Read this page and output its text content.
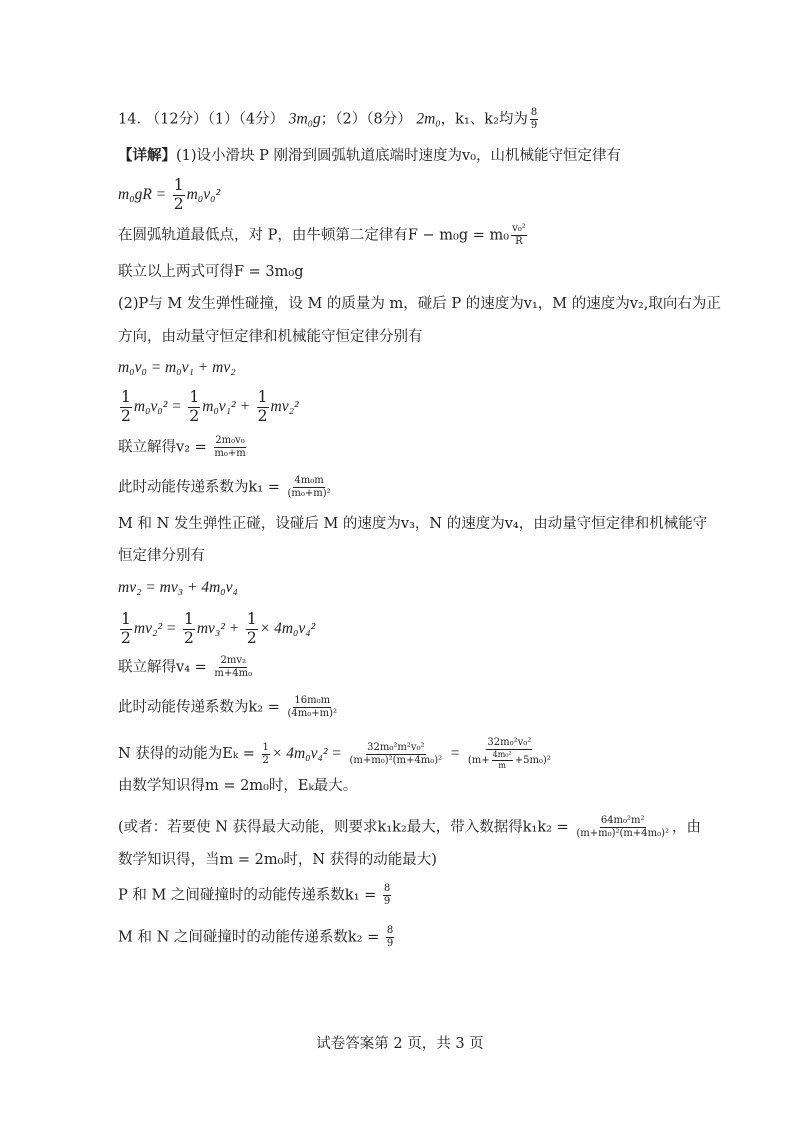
14. （12分）（1）（4分） 3m₀g；（2）（8分） 2m₀，k₁、k₂均为 $\frac{8}{9}$
【详解】(1)设小滑块 P 刚滑到圆弧轨道底端时速度为v₀，山机械能守恒定律有
$m_0gR = \frac{1}{2} m_0v_0^2$
在圆弧轨道最低点，对 P，由牛顿第二定律有$F - m_0g = m_0 \frac{\text{v₀²}}{R}$
联立以上两式可得F = 3m₀g
(2)P与 M 发生弹性碰撞，设 M 的质量为 m，碰后 P 的速度为v₁，M 的速度为v₂,取向右为正
方向，由动量守恒定律和机械能守恒定律分别有
m₀v₀ = m₀v₁ + mv₂
$\frac{1}{2} m_0v_0^2 = \frac{1}{2} m_0v_1^2 + \frac{1}{2} mv_2^2$
联立解得$v_2 = \frac{\text{2m₀v₀}}{\text{m₀+m}}$
此时动能传递系数为$k_1 = \frac{\text{4m₀m}}{\text{(m₀+m)²}}$
M 和 N 发生弹性正碰，设碰后 M 的速度为v₃，N 的速度为v₄，由动量守恒定律和机械能守
恒定律分别有
mv₂ = mv₃ + 4m₀v₄
$\frac{1}{2} mv_2^2 = \frac{1}{2} mv_3^2 + \frac{1}{2} \times 4m_0v_4^2$
联立解得$v_4 = \frac{\text{2mv₂}}{\text{m+4m₀}}$
此时动能传递系数为$k_2 = \frac{\text{16m₀m}}{\text{(4m₀+m)²}}$
N 获得的动能为$E_k = \frac{1}{2} \times 4m_0v_4^2 = \frac{\text{32m₀²m²v₀²}}{\text{(m+m₀)²(m+4m₀)²}} = \frac{\text{32m₀²v₀²}}{(m+ \frac{\text{4m₀²}}{m} +5m_0)^2}$
由数学知识得m = 2m₀时，Eₖ最大。
(或者：若要使 N 获得最大动能，则要求k₁k₂最大，带入数据得$k_1k_2 = \frac{\text{64m₀²m²}}{\text{(m+m₀)²(m+4m₀)²}}$ ，由
数学知识得，当m = 2m₀时，N 获得的动能最大)
P 和 M 之间碰撞时的动能传递系数$k_1 = \frac{8}{9}$
M 和 N 之间碰撞时的动能传递系数$k_2 = \frac{8}{9}$
试卷答案第 2 页，共 3 页
